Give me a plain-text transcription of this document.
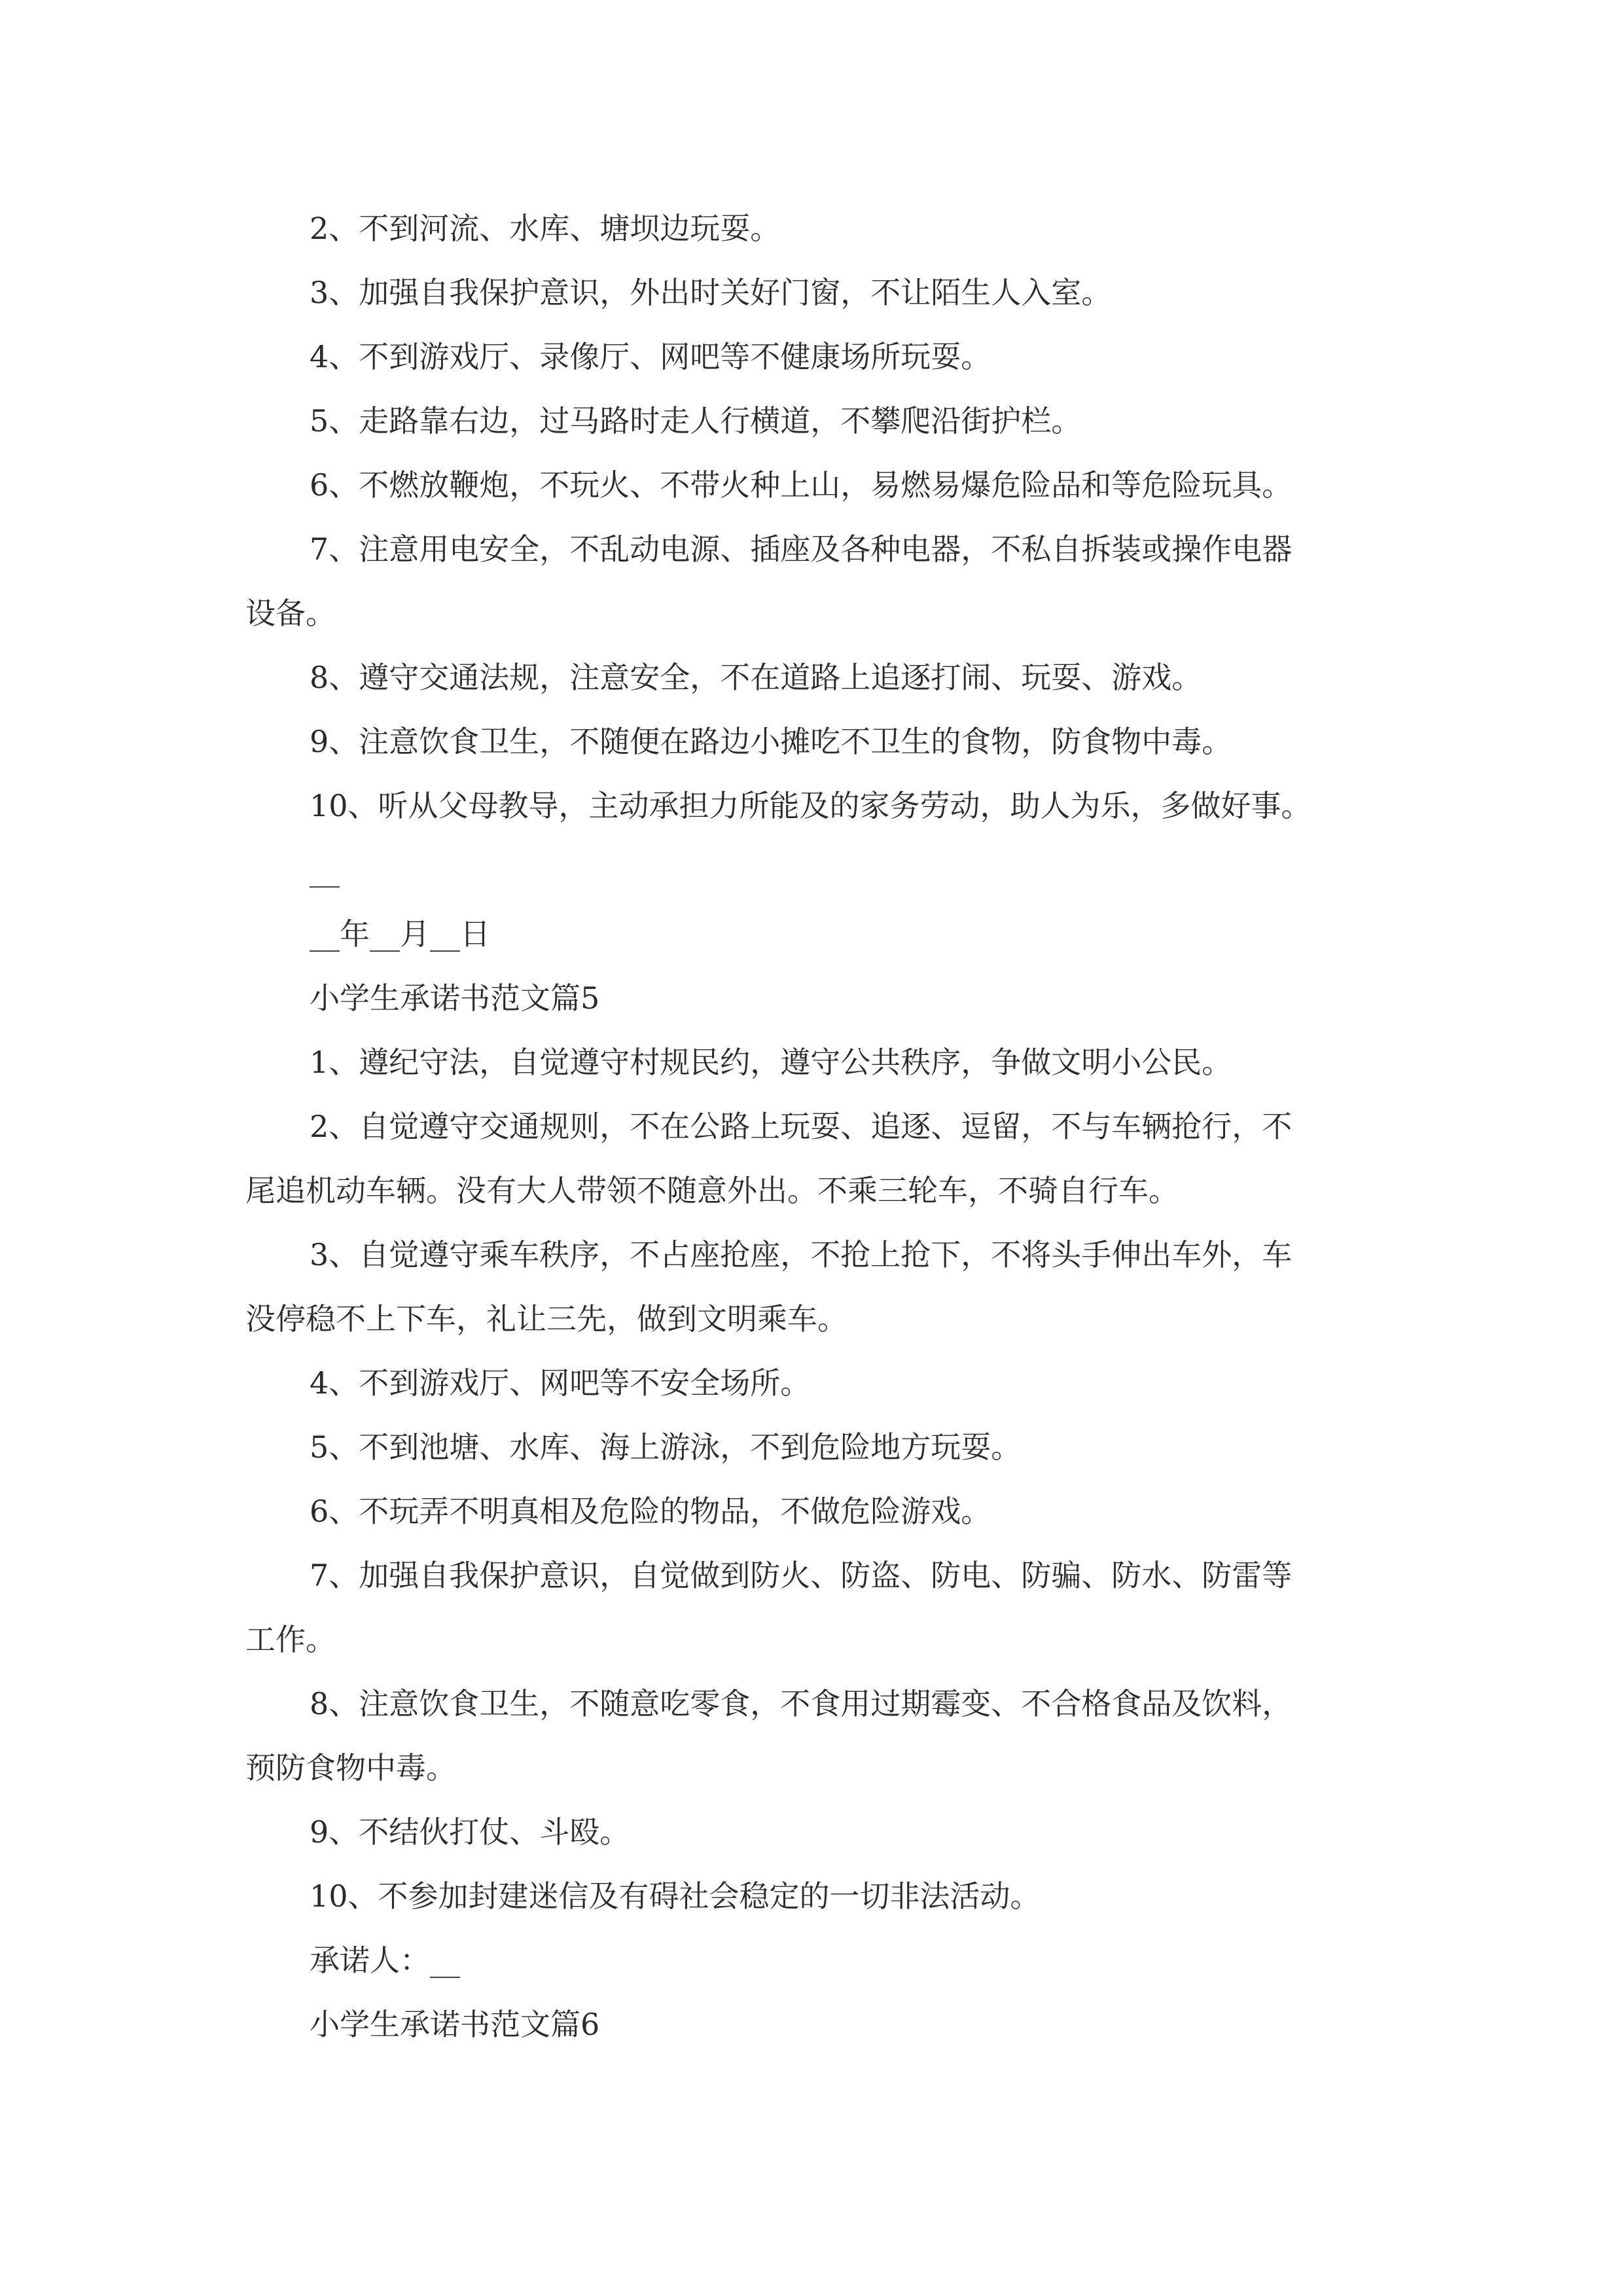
2、不到河流、水库、塘坝边玩耍。

3、加强自我保护意识，外出时关好门窗，不让陌生人入室。

4、不到游戏厅、录像厅、网吧等不健康场所玩耍。

5、走路靠右边，过马路时走人行横道，不攀爬沿街护栏。

6、不燃放鞭炮，不玩火、不带火种上山，易燃易爆危险品和等危险玩具。

7、注意用电安全，不乱动电源、插座及各种电器，不私自拆装或操作电器

设备。

8、遵守交通法规，注意安全，不在道路上追逐打闹、玩耍、游戏。

9、注意饮食卫生，不随便在路边小摊吃不卫生的食物，防食物中毒。

10、听从父母教导，主动承担力所能及的家务劳动，助人为乐，多做好事。

__

__年__月__日

小学生承诺书范文篇5

1、遵纪守法，自觉遵守村规民约，遵守公共秩序，争做文明小公民。

2、自觉遵守交通规则，不在公路上玩耍、追逐、逗留，不与车辆抢行，不

尾追机动车辆。没有大人带领不随意外出。不乘三轮车，不骑自行车。

3、自觉遵守乘车秩序，不占座抢座，不抢上抢下，不将头手伸出车外，车

没停稳不上下车，礼让三先，做到文明乘车。

4、不到游戏厅、网吧等不安全场所。

5、不到池塘、水库、海上游泳，不到危险地方玩耍。

6、不玩弄不明真相及危险的物品，不做危险游戏。

7、加强自我保护意识，自觉做到防火、防盗、防电、防骗、防水、防雷等

工作。

8、注意饮食卫生，不随意吃零食，不食用过期霉变、不合格食品及饮料，

预防食物中毒。

9、不结伙打仗、斗殴。

10、不参加封建迷信及有碍社会稳定的一切非法活动。

承诺人：__

小学生承诺书范文篇6
